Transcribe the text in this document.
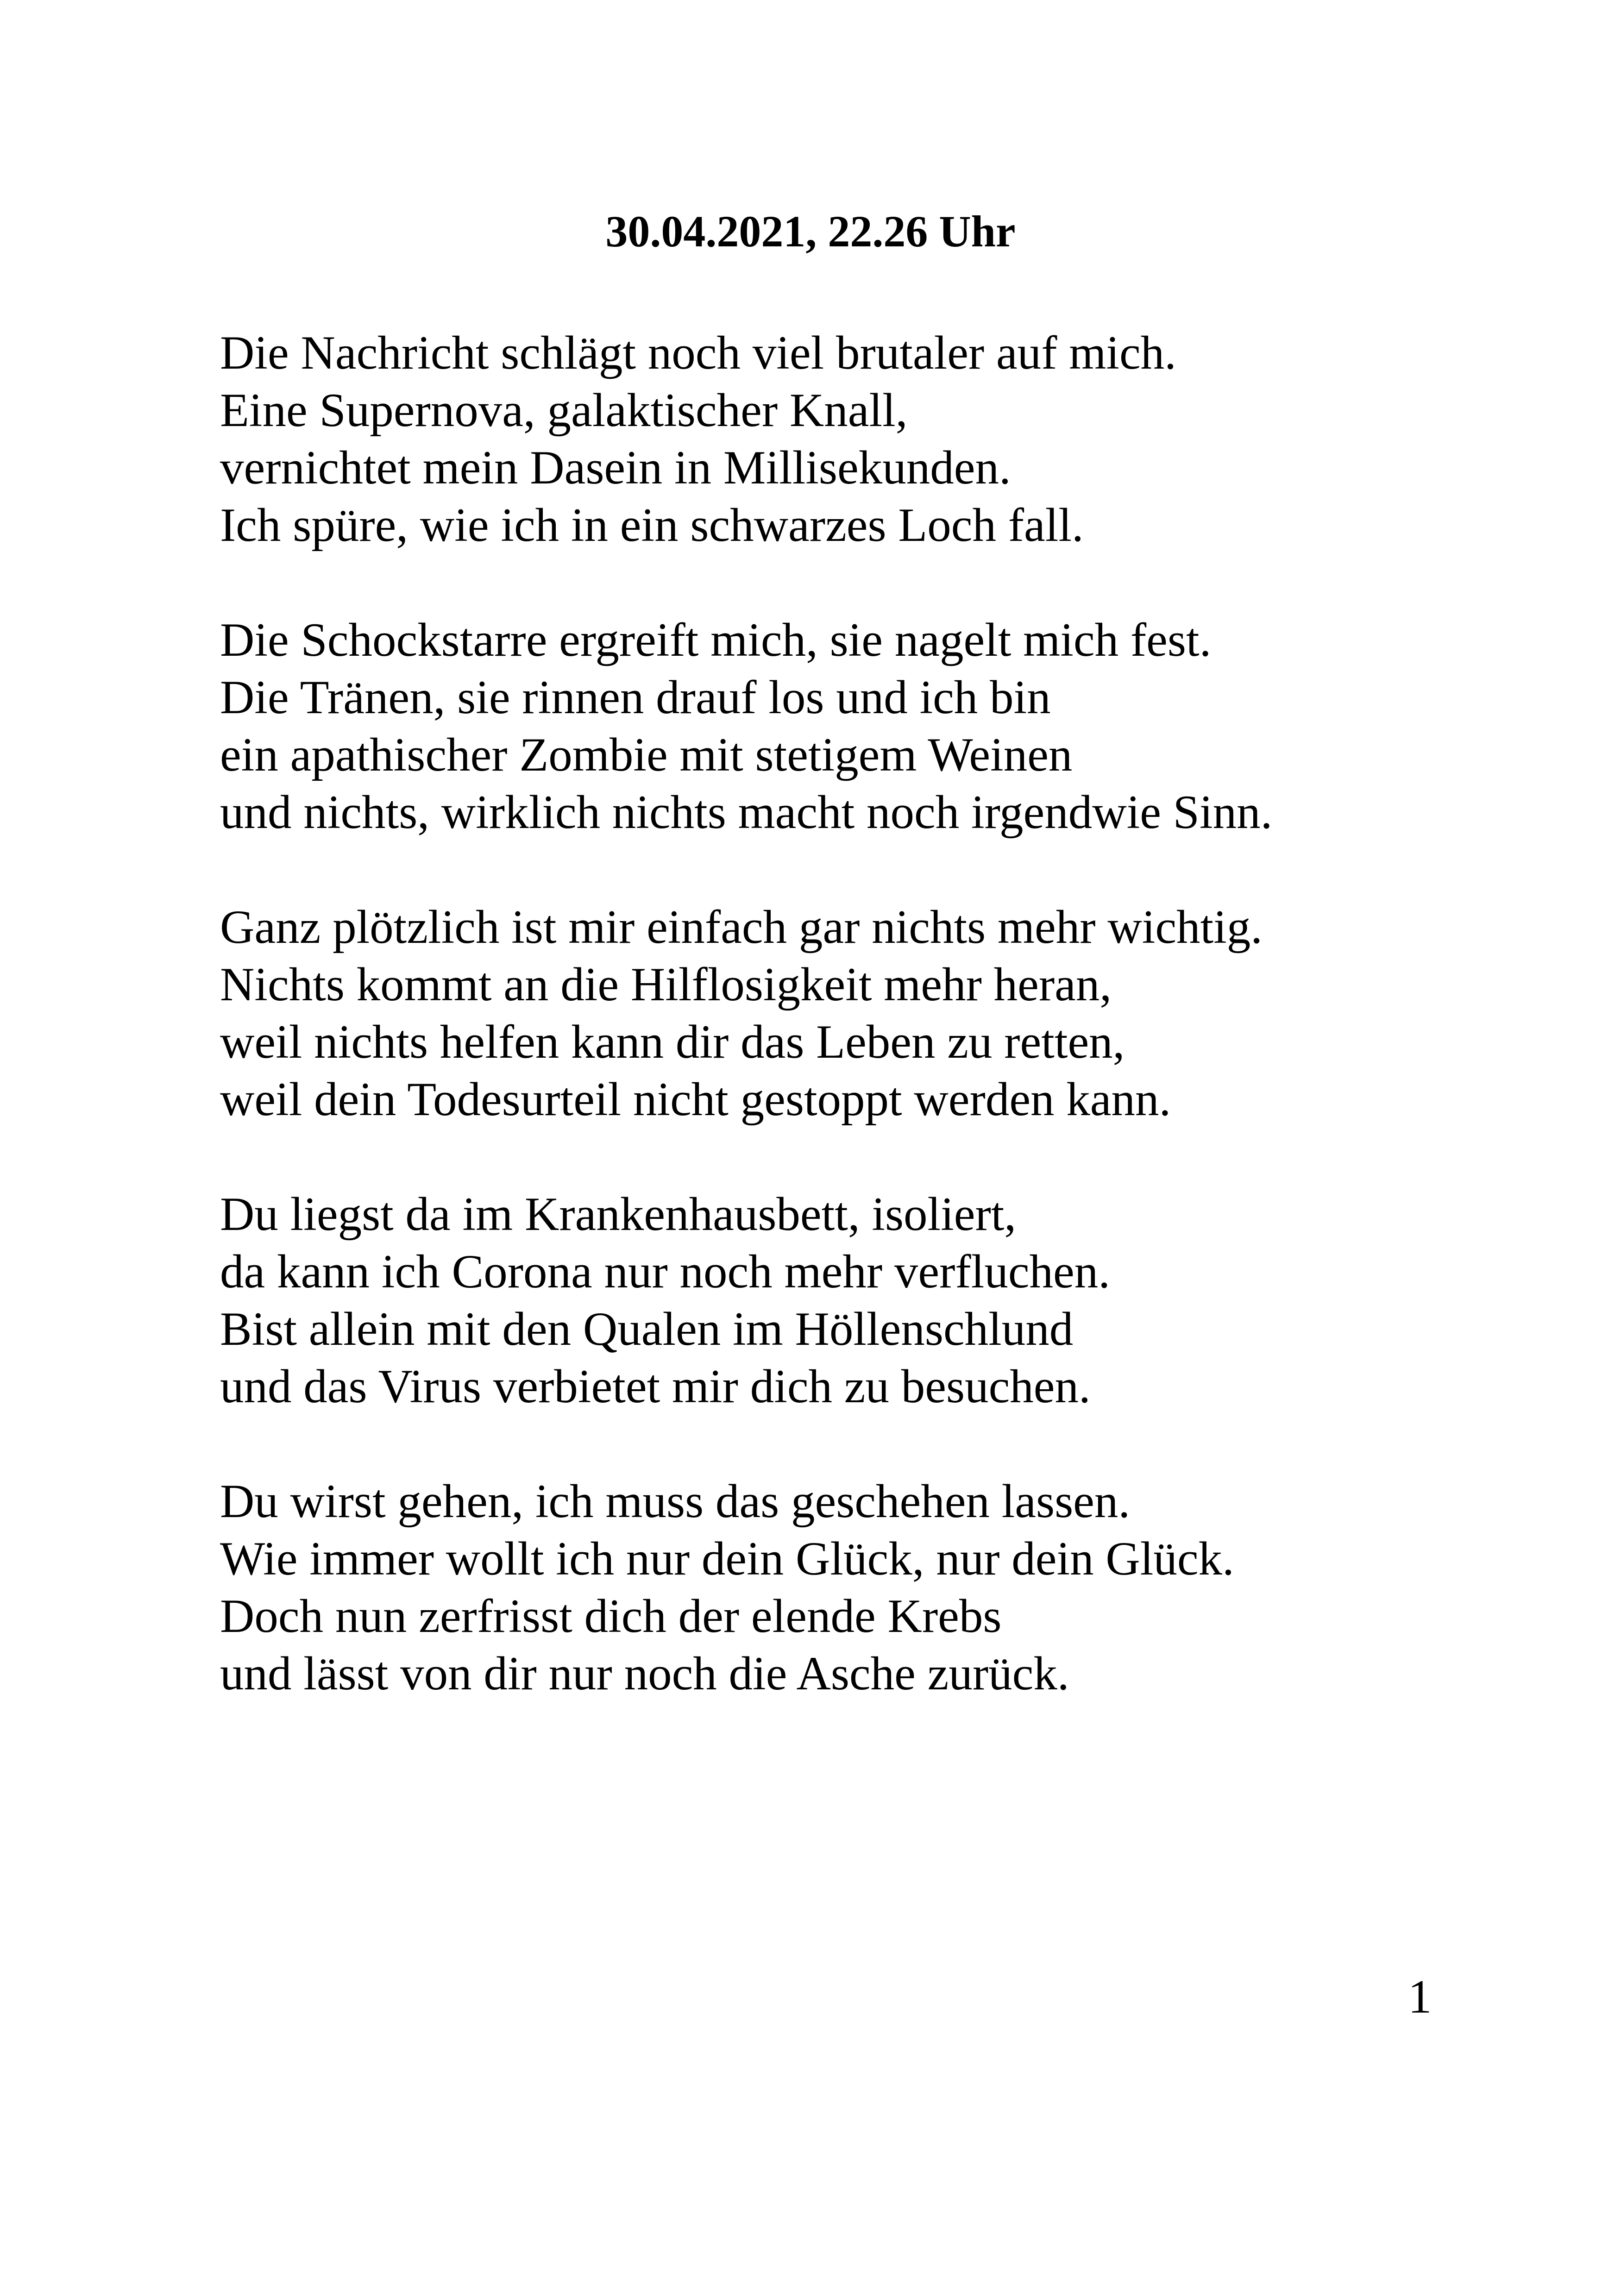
30.04.2021, 22.26 Uhr
Die Nachricht schlägt noch viel brutaler auf mich.
Eine Supernova, galaktischer Knall,
vernichtet mein Dasein in Millisekunden.
Ich spüre, wie ich in ein schwarzes Loch fall.
Die Schockstarre ergreift mich, sie nagelt mich fest.
Die Tränen, sie rinnen drauf los und ich bin
ein apathischer Zombie mit stetigem Weinen
und nichts, wirklich nichts macht noch irgendwie Sinn.
Ganz plötzlich ist mir einfach gar nichts mehr wichtig.
Nichts kommt an die Hilflosigkeit mehr heran,
weil nichts helfen kann dir das Leben zu retten,
weil dein Todesurteil nicht gestoppt werden kann.
Du liegst da im Krankenhausbett, isoliert,
da kann ich Corona nur noch mehr verfluchen.
Bist allein mit den Qualen im Höllenschlund
und das Virus verbietet mir dich zu besuchen.
Du wirst gehen, ich muss das geschehen lassen.
Wie immer wollt ich nur dein Glück, nur dein Glück.
Doch nun zerfrisst dich der elende Krebs
und lässt von dir nur noch die Asche zurück.
1
